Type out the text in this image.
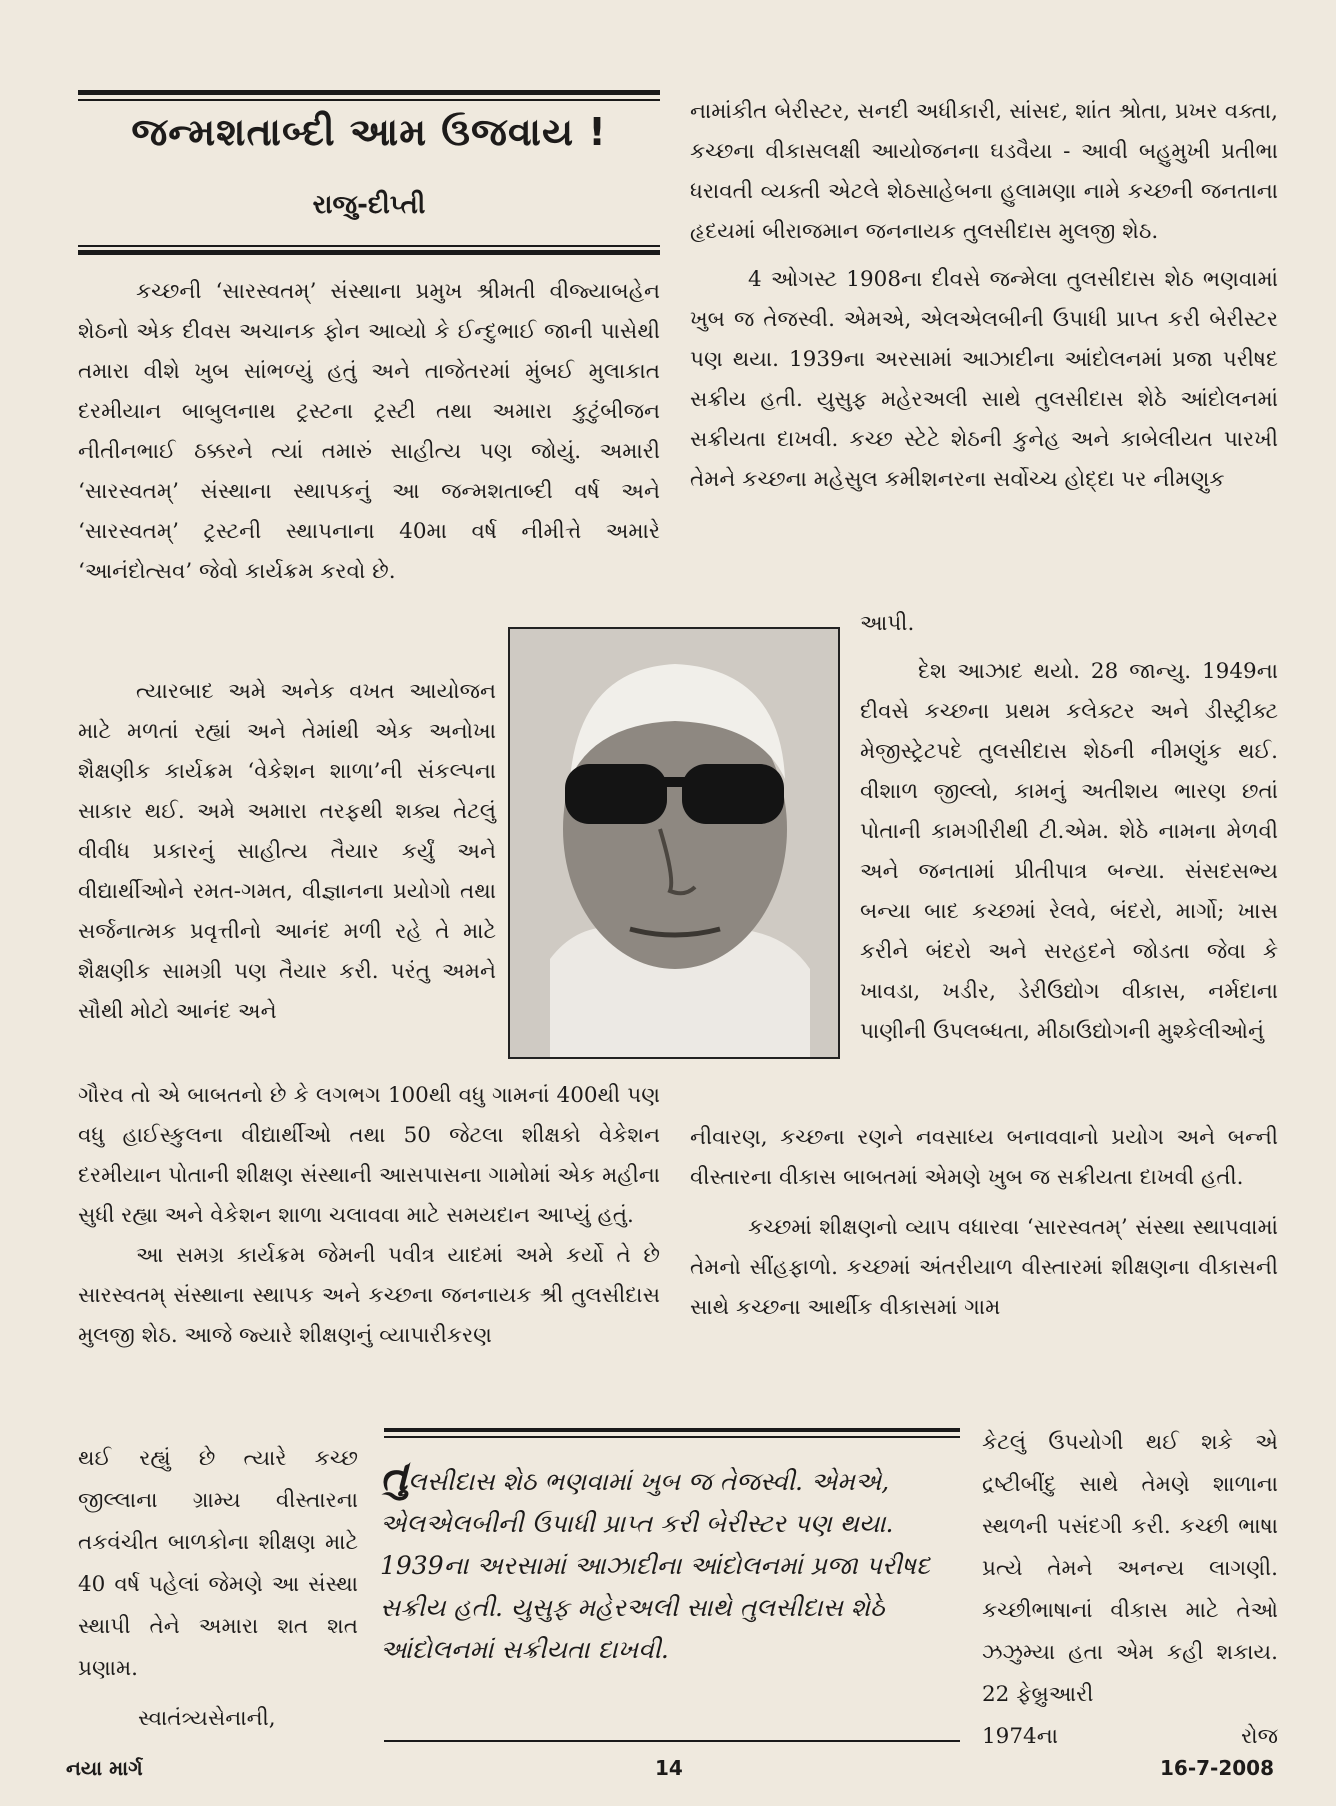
જન્મશતાબ્દી આમ ઉજવાય !
રાજુ-દીપ્તી

કચ્છની ‘સારસ્વતમ્’ સંસ્થાના પ્રમુખ શ્રીમતી વીજ્યાબહેન શેઠનો એક દીવસ અચાનક ફોન આવ્યો કે ઈન્દુભાઈ જાની પાસેથી તમારા વીશે ખુબ સાંભળ્યું હતું અને તાજેતરમાં મુંબઈ મુલાકાત દરમીયાન બાબુલનાથ ટ્રસ્ટના ટ્રસ્ટી તથા અમારા કુટુંબીજન નીતીનભાઈ ઠક્કરને ત્યાં તમારું સાહીત્ય પણ જોયું. અમારી ‘સારસ્વતમ્’ સંસ્થાના સ્થાપકનું આ જન્મશતાબ્દી વર્ષ અને ‘સારસ્વતમ્’ ટ્રસ્ટની સ્થાપનાના 40મા વર્ષ નીમીત્તે અમારે ‘આનંદોત્સવ’ જેવો કાર્યક્રમ કરવો છે.

ત્યારબાદ અમે અનેક વખત આયોજન માટે મળતાં રહ્યાં અને તેમાંથી એક અનોખા શૈક્ષણીક કાર્યક્રમ ‘વેકેશન શાળા’ની સંકલ્પના સાકાર થઈ. અમે અમારા તરફથી શક્ય તેટલું વીવીધ પ્રકારનું સાહીત્ય તૈયાર કર્યું અને વીદ્યાર્થીઓને રમત-ગમત, વીજ્ઞાનના પ્રયોગો તથા સર્જનાત્મક પ્રવૃત્તીનો આનંદ મળી રહે તે માટે શૈક્ષણીક સામગ્રી પણ તૈયાર કરી. પરંતુ અમને સૌથી મોટો આનંદ અને

ગૌરવ તો એ બાબતનો છે કે લગભગ 100થી વધુ ગામનાં 400થી પણ વધુ હાઈસ્કુલના વીદ્યાર્થીઓ તથા 50 જેટલા શીક્ષકો વેકેશન દરમીયાન પોતાની શીક્ષણ સંસ્થાની આસપાસના ગામોમાં એક મહીના સુધી રહ્યા અને વેકેશન શાળા ચલાવવા માટે સમયદાન આપ્યું હતું.

આ સમગ્ર કાર્યક્રમ જેમની પવીત્ર યાદમાં અમે કર્યો તે છે સારસ્વતમ્ સંસ્થાના સ્થાપક અને કચ્છના જનનાયક શ્રી તુલસીદાસ મુલજી શેઠ. આજે જ્યારે શીક્ષણનું વ્યાપારીકરણ

નામાંકીત બેરીસ્ટર, સનદી અધીકારી, સાંસદ, શાંત શ્રોતા, પ્રખર વક્તા, કચ્છના વીકાસલક્ષી આયોજનના ઘડવૈયા - આવી બહુમુખી પ્રતીભા ધરાવતી વ્યક્તી એટલે શેઠસાહેબના હુલામણા નામે કચ્છની જનતાના હૃદયમાં બીરાજમાન જનનાયક તુલસીદાસ મુલજી શેઠ.

4 ઓગસ્ટ 1908ના દીવસે જન્મેલા તુલસીદાસ શેઠ ભણવામાં ખુબ જ તેજસ્વી. એમએ, એલએલબીની ઉપાધી પ્રાપ્ત કરી બેરીસ્ટર પણ થયા. 1939ના અરસામાં આઝાદીના આંદોલનમાં પ્રજા પરીષદ સક્રીય હતી. યુસુફ મહેરઅલી સાથે તુલસીદાસ શેઠે આંદોલનમાં સક્રીયતા દાખવી. કચ્છ સ્ટેટે શેઠની કુનેહ અને કાબેલીયત પારખી તેમને કચ્છના મહેસુલ કમીશનરના સર્વોચ્ચ હોદ્દા પર નીમણુક

આપી.

દેશ આઝાદ થયો. 28 જાન્યુ. 1949ના દીવસે કચ્છના પ્રથમ કલેક્ટર અને ડીસ્ટ્રીક્ટ મેજીસ્ટ્રેટપદે તુલસીદાસ શેઠની નીમણુંક થઈ. વીશાળ જીલ્લો, કામનું અતીશય ભારણ છતાં પોતાની કામગીરીથી ટી.એમ. શેઠે નામના મેળવી અને જનતામાં પ્રીતીપાત્ર બન્યા. સંસદસભ્ય બન્યા બાદ કચ્છમાં રેલવે, બંદરો, માર્ગો; ખાસ કરીને બંદરો અને સરહદને જોડતા જેવા કે ખાવડા, ખડીર, ડેરીઉદ્યોગ વીકાસ, નર્મદાના પાણીની ઉપલબ્ધતા, મીઠાઉદ્યોગની મુશ્કેલીઓનું

નીવારણ, કચ્છના રણને નવસાધ્ય બનાવવાનો પ્રયોગ અને બન્ની વીસ્તારના વીકાસ બાબતમાં એમણે ખુબ જ સક્રીયતા દાખવી હતી.

કચ્છમાં શીક્ષણનો વ્યાપ વધારવા ‘સારસ્વતમ્’ સંસ્થા સ્થાપવામાં તેમનો સીંહફાળો. કચ્છમાં અંતરીયાળ વીસ્તારમાં શીક્ષણના વીકાસની સાથે કચ્છના આર્થીક વીકાસમાં ગામ

થઈ રહ્યું છે ત્યારે કચ્છ જીલ્લાના ગ્રામ્ય વીસ્તારના તકવંચીત બાળકોના શીક્ષણ માટે 40 વર્ષ પહેલાં જેમણે આ સંસ્થા સ્થાપી તેને અમારા શત શત પ્રણામ.

સ્વાતંત્ર્યસેનાની,

તુલસીદાસ શેઠ ભણવામાં ખુબ જ તેજસ્વી. એમએ, એલએલબીની ઉપાધી પ્રાપ્ત કરી બેરીસ્ટર પણ થયા. 1939ના અરસામાં આઝાદીના આંદોલનમાં પ્રજા પરીષદ સક્રીય હતી. યુસુફ મહેરઅલી સાથે તુલસીદાસ શેઠે આંદોલનમાં સક્રીયતા દાખવી.

કેટલું ઉપયોગી થઈ શકે એ દ્રષ્ટીબીંદુ સાથે તેમણે શાળાના સ્થળની પસંદગી કરી. કચ્છી ભાષા પ્રત્યે તેમને અનન્ય લાગણી. કચ્છીભાષાનાં વીકાસ માટે તેઓ ઝઝુમ્યા હતા એમ કહી શકાય. 22 ફેબ્રુઆરી

1974ના	રોજ

નયા માર્ગ	14	16-7-2008
